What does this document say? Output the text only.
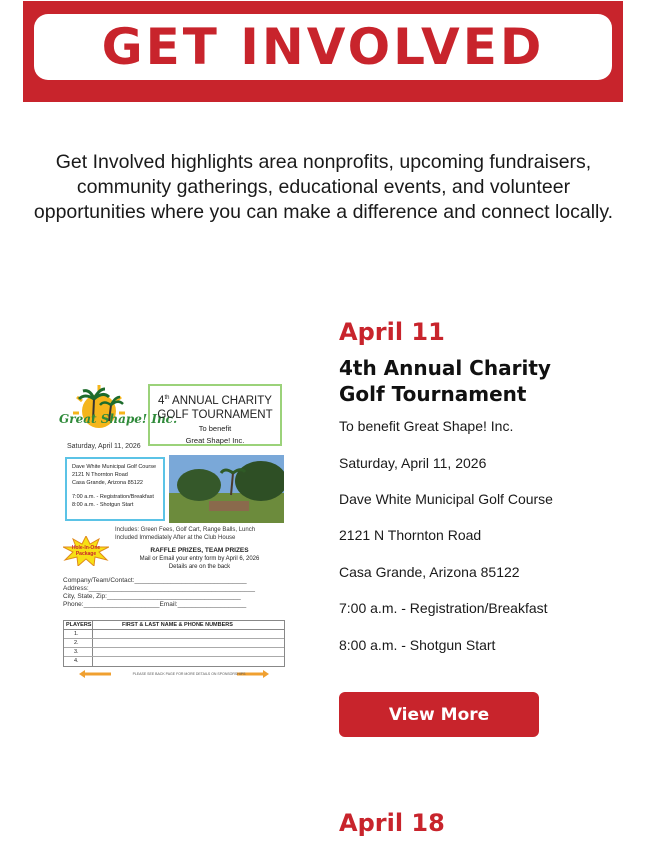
GET INVOLVED

Get Involved highlights area nonprofits, upcoming fundraisers, community gatherings, educational events, and volunteer opportunities where you can make a difference and connect locally.

Great Shape! Inc.
Saturday, April 11, 2026
4th ANNUAL CHARITY
GOLF TOURNAMENT
To benefit
Great Shape! Inc.
Dave White Municipal Golf Course
2121 N Thornton Road
Casa Grande, Arizona 85122
7:00 a.m. - Registration/Breakfast
8:00 a.m. - Shotgun Start
Includes: Green Fees, Golf Cart, Range Balls, Lunch
Included Immediately After at the Club House
Hole-In-One
Package	RAFFLE PRIZES, TEAM PRIZES
Mail or Email your entry form by April 6, 2026
Details are on the back
Company/Team/Contact:_______________________________
Address:______________________________________________
City, State, Zip:_____________________________________
Phone:_____________________Email:___________________
PLAYERS	FIRST & LAST NAME & PHONE NUMBERS
1.
2.
3.
4.
PLEASE SEE BACK PAGE FOR MORE DETAILS ON SPONSORSHIPS
April 11
4th Annual Charity Golf Tournament
To benefit Great Shape! Inc.
Saturday, April 11, 2026
Dave White Municipal Golf Course
2121 N Thornton Road
Casa Grande, Arizona 85122
7:00 a.m. - Registration/Breakfast
8:00 a.m. - Shotgun Start
View More
April 18
